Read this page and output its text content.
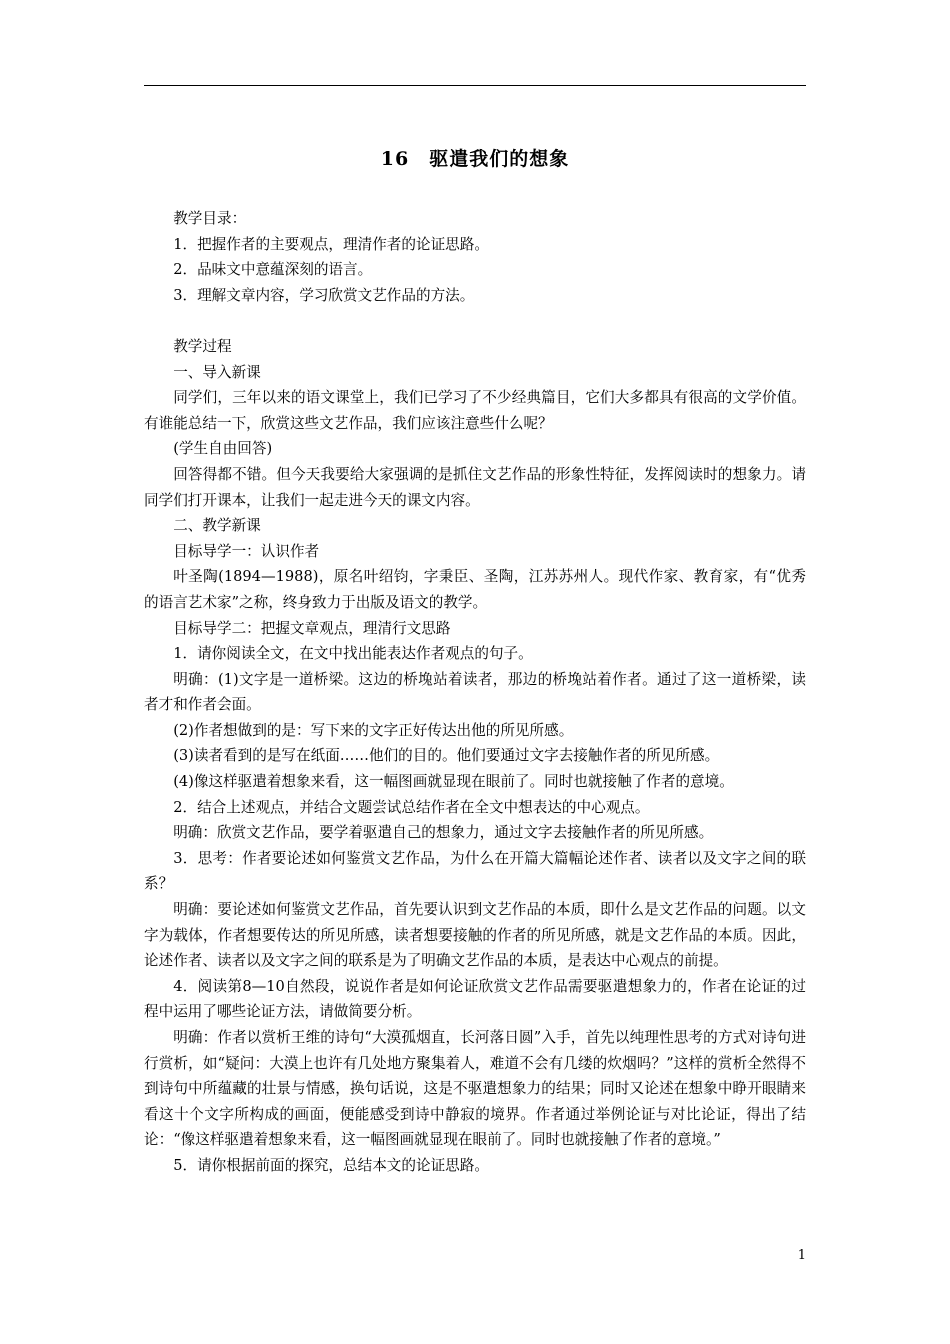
16　驱遣我们的想象

教学目录：

1．把握作者的主要观点，理清作者的论证思路。

2．品味文中意蕴深刻的语言。

3．理解文章内容，学习欣赏文艺作品的方法。

教学过程

一、导入新课

同学们，三年以来的语文课堂上，我们已学习了不少经典篇目，它们大多都具有很高的文学价值。有谁能总结一下，欣赏这些文艺作品，我们应该注意些什么呢？

(学生自由回答)

回答得都不错。但今天我要给大家强调的是抓住文艺作品的形象性特征，发挥阅读时的想象力。请同学们打开课本，让我们一起走进今天的课文内容。

二、教学新课

目标导学一：认识作者

叶圣陶(1894—1988)，原名叶绍钧，字秉臣、圣陶，江苏苏州人。现代作家、教育家，有“优秀的语言艺术家”之称，终身致力于出版及语文的教学。

目标导学二：把握文章观点，理清行文思路

1．请你阅读全文，在文中找出能表达作者观点的句子。

明确：(1)文字是一道桥梁。这边的桥堍站着读者，那边的桥堍站着作者。通过了这一道桥梁，读者才和作者会面。

(2)作者想做到的是：写下来的文字正好传达出他的所见所感。

(3)读者看到的是写在纸面……他们的目的。他们要通过文字去接触作者的所见所感。

(4)像这样驱遣着想象来看，这一幅图画就显现在眼前了。同时也就接触了作者的意境。

2．结合上述观点，并结合文题尝试总结作者在全文中想表达的中心观点。

明确：欣赏文艺作品，要学着驱遣自己的想象力，通过文字去接触作者的所见所感。

3．思考：作者要论述如何鉴赏文艺作品，为什么在开篇大篇幅论述作者、读者以及文字之间的联系？

明确：要论述如何鉴赏文艺作品，首先要认识到文艺作品的本质，即什么是文艺作品的问题。以文字为载体，作者想要传达的所见所感，读者想要接触的作者的所见所感，就是文艺作品的本质。因此，论述作者、读者以及文字之间的联系是为了明确文艺作品的本质，是表达中心观点的前提。

4．阅读第8—10自然段，说说作者是如何论证欣赏文艺作品需要驱遣想象力的，作者在论证的过程中运用了哪些论证方法，请做简要分析。

明确：作者以赏析王维的诗句“大漠孤烟直，长河落日圆”入手，首先以纯理性思考的方式对诗句进行赏析，如“疑问：大漠上也许有几处地方聚集着人，难道不会有几缕的炊烟吗？”这样的赏析全然得不到诗句中所蕴藏的壮景与情感，换句话说，这是不驱遣想象力的结果；同时又论述在想象中睁开眼睛来看这十个文字所构成的画面，便能感受到诗中静寂的境界。作者通过举例论证与对比论证，得出了结论：“像这样驱遣着想象来看，这一幅图画就显现在眼前了。同时也就接触了作者的意境。”

5．请你根据前面的探究，总结本文的论证思路。

1
